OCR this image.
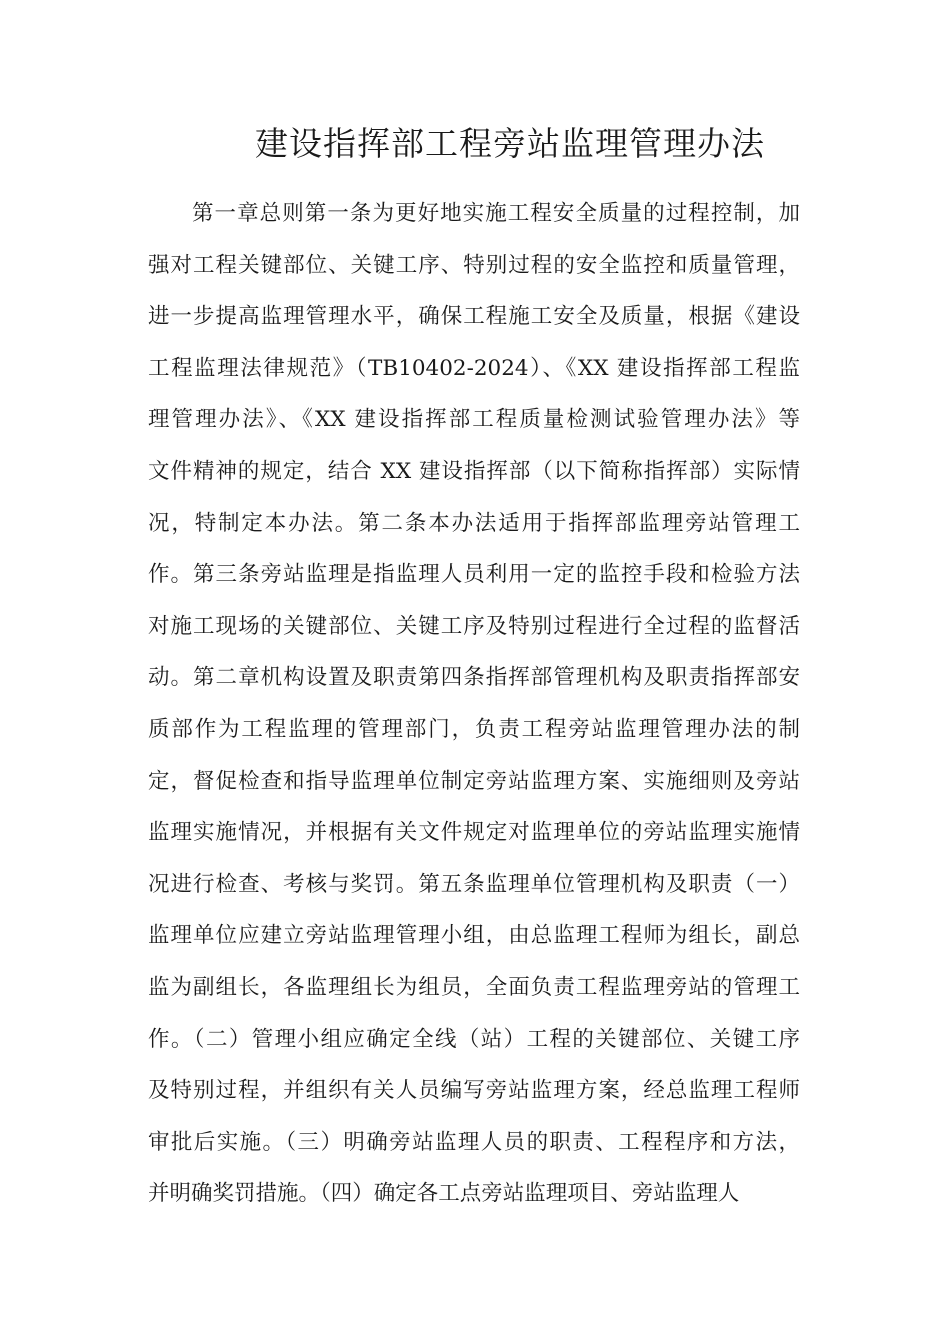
建设指挥部工程旁站监理管理办法
第一章总则第一条为更好地实施工程安全质量的过程控制，加
强对工程关键部位、关键工序、特别过程的安全监控和质量管理，
进一步提高监理管理水平，确保工程施工安全及质量，根据《建设
工程监理法律规范》（TB10402-2024）、《XX 建设指挥部工程监
理管理办法》、《XX 建设指挥部工程质量检测试验管理办法》等
文件精神的规定，结合 XX 建设指挥部（以下简称指挥部）实际情
况，特制定本办法。第二条本办法适用于指挥部监理旁站管理工
作。第三条旁站监理是指监理人员利用一定的监控手段和检验方法
对施工现场的关键部位、关键工序及特别过程进行全过程的监督活
动。第二章机构设置及职责第四条指挥部管理机构及职责指挥部安
质部作为工程监理的管理部门，负责工程旁站监理管理办法的制
定，督促检查和指导监理单位制定旁站监理方案、实施细则及旁站
监理实施情况，并根据有关文件规定对监理单位的旁站监理实施情
况进行检查、考核与奖罚。第五条监理单位管理机构及职责（一）
监理单位应建立旁站监理管理小组，由总监理工程师为组长，副总
监为副组长，各监理组长为组员，全面负责工程监理旁站的管理工
作。（二）管理小组应确定全线（站）工程的关键部位、关键工序
及特别过程，并组织有关人员编写旁站监理方案，经总监理工程师
审批后实施。（三）明确旁站监理人员的职责、工程程序和方法，
并明确奖罚措施。（四）确定各工点旁站监理项目、旁站监理人
